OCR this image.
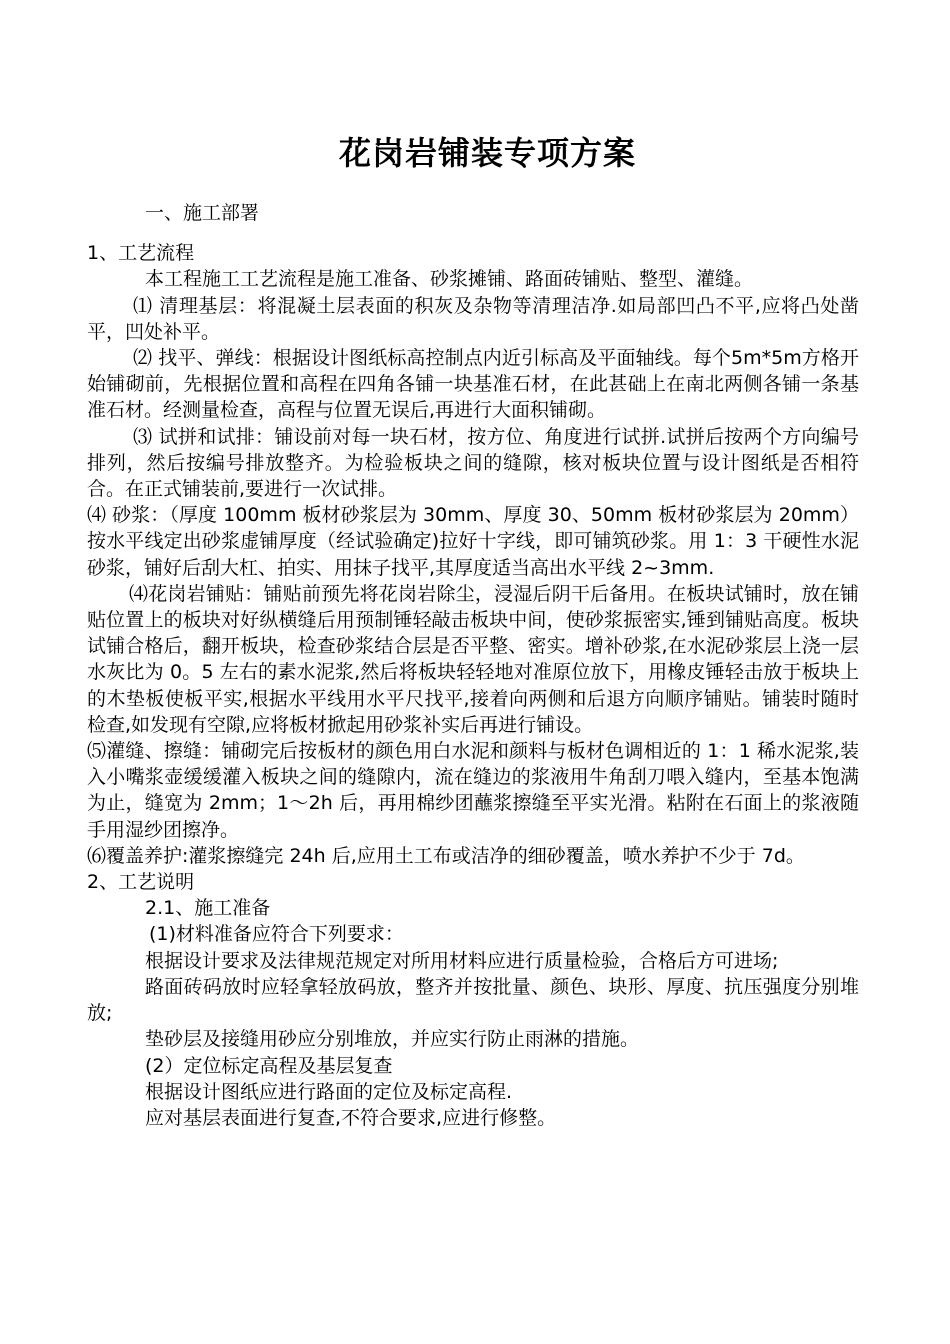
花岗岩铺装专项方案

一、施工部署

1、工艺流程

本工程施工工艺流程是施工准备、砂浆摊铺、路面砖铺贴、整型、灌缝。

⑴ 清理基层：将混凝土层表面的积灰及杂物等清理洁净.如局部凹凸不平,应将凸处凿平，凹处补平。

⑵ 找平、弹线：根据设计图纸标高控制点内近引标高及平面轴线。每个5m*5m方格开始铺砌前，先根据位置和高程在四角各铺一块基准石材，在此甚础上在南北两侧各铺一条基准石材。经测量检查，高程与位置无误后,再进行大面积铺砌。

⑶ 试拼和试排：铺设前对每一块石材，按方位、角度进行试拼.试拼后按两个方向编号排列，然后按编号排放整齐。为检验板块之间的缝隙，核对板块位置与设计图纸是否相符合。在正式铺装前,要进行一次试排。

⑷ 砂浆：（厚度 100mm 板材砂浆层为 30mm、厚度 30、50mm 板材砂浆层为 20mm）按水平线定出砂浆虚铺厚度（经试验确定)拉好十字线，即可铺筑砂浆。用 1：3 干硬性水泥砂浆，铺好后刮大杠、拍实、用抹子找平,其厚度适当高出水平线 2~3mm.

⑷花岗岩铺贴：铺贴前预先将花岗岩除尘，浸湿后阴干后备用。在板块试铺时，放在铺贴位置上的板块对好纵横缝后用预制锤轻敲击板块中间，使砂浆振密实,锤到铺贴高度。板块试铺合格后，翻开板块，检查砂浆结合层是否平整、密实。增补砂浆,在水泥砂浆层上浇一层水灰比为 0。5 左右的素水泥浆,然后将板块轻轻地对准原位放下，用橡皮锤轻击放于板块上的木垫板使板平实,根据水平线用水平尺找平,接着向两侧和后退方向顺序铺贴。铺装时随时检查,如发现有空隙,应将板材掀起用砂浆补实后再进行铺设。

⑸灌缝、擦缝：铺砌完后按板材的颜色用白水泥和颜料与板材色调相近的 1：1 稀水泥浆,装入小嘴浆壶缓缓灌入板块之间的缝隙内，流在缝边的浆液用牛角刮刀喂入缝内，至基本饱满为止，缝宽为 2mm；1～2h 后，再用棉纱团蘸浆擦缝至平实光滑。粘附在石面上的浆液随手用湿纱团擦净。

⑹覆盖养护:灌浆擦缝完 24h 后,应用土工布或洁净的细砂覆盖，喷水养护不少于 7d。

2、工艺说明

2.1、施工准备

(1)材料准备应符合下列要求：

根据设计要求及法律规范规定对所用材料应进行质量检验，合格后方可进场;

路面砖码放时应轻拿轻放码放，整齐并按批量、颜色、块形、厚度、抗压强度分别堆放;

垫砂层及接缝用砂应分别堆放，并应实行防止雨淋的措施。

(2）定位标定高程及基层复查

根据设计图纸应进行路面的定位及标定高程.

应对基层表面进行复查,不符合要求,应进行修整。
